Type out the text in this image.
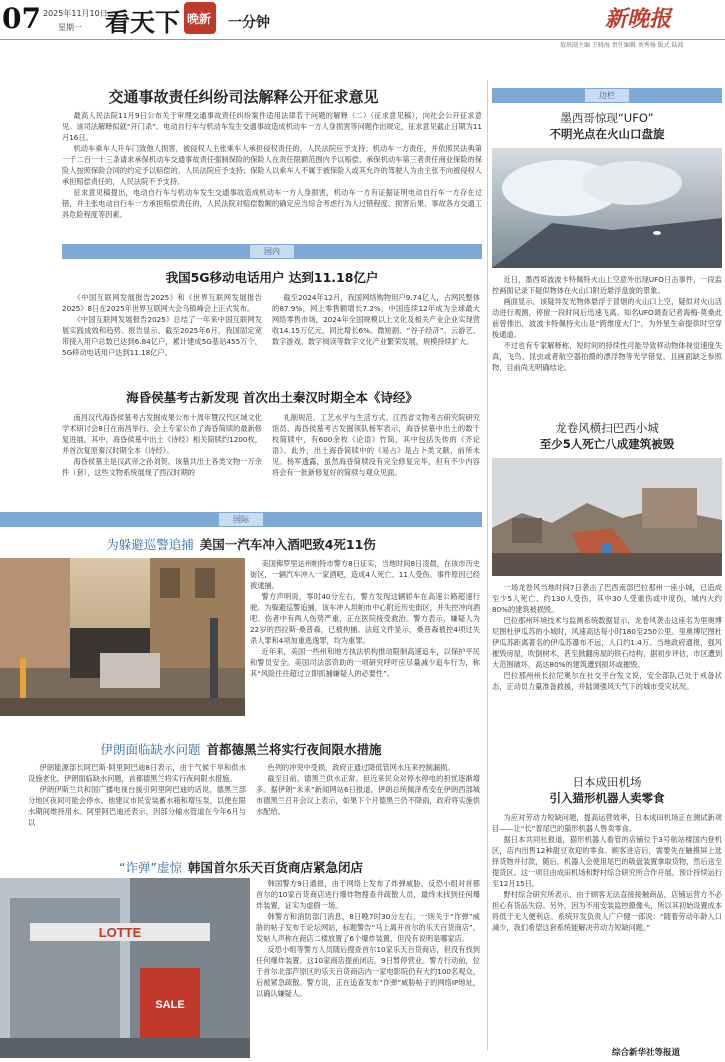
07 2025年11月10日
星期一 看天下 晚新 一分钟	新晚报
值班副主编 王晓海 责任编辑 刘秀扬 版式 陆波
交通事故责任纠纷司法解释公开征求意见

最高人民法院11月9日公布关于审理交通事故责任纠纷案件适用法律若干问题的解释（二）（征求意见稿），向社会公开征求意见。该司法解释拟就“开门杀”、电动自行车与机动车发生交通事故造成机动车一方人身损害等问题作出规定，征求意见截止日期为11月16日。

机动车乘车人开车门致他人损害，被侵权人主张乘车人承担侵权责任的，人民法院应予支持；机动车一方责任，并依照民法典第一千二百一十三条请求承保机动车交通事故责任强制保险的保险人在责任限额范围内予以赔偿、承保机动车第三者责任商业保险的保险人按照保险合同的约定予以赔偿的，人民法院应予支持；保险人以乘车人不属于被保险人或其允许的驾驶人为由主张不向被侵权人承担赔偿责任的，人民法院不予支持。

征求意见稿提出，电动自行车与机动车发生交通事故造成机动车一方人身损害，机动车一方有证据证明电动自行车一方存在过错，并主张电动自行车一方承担赔偿责任的，人民法院对赔偿数额的确定应当综合考虑行为人过错程度、损害后果、事故各方交通工具危险程度等因素。

国内
我国5G移动电话用户 达到11.18亿户

《中国互联网发展报告2025》和《世界互联网发展报告2025》8日在2025年世界互联网大会乌镇峰会上正式发布。

《中国互联网发展报告2025》总结了一年来中国互联网发展实践成效和趋势。报告显示，截至2025年6月，我国固定宽带接入用户总数已达到6.84亿户，累计建成5G基站455万个，5G移动电话用户达到11.18亿户。

截至2024年12月，我国网络购物用户9.74亿人，占网民整体的87.9%，网上零售额增长7.2%，中国连续12年成为全球最大网络零售市场，2024年全国规模以上文化及相关产业企业实现营收14.15万亿元，同比增长6%。微短剧、“谷子经济”、云游艺、数字游戏、数字阅读等数字文化产业繁荣发展，规模持续扩大。

海昏侯墓考古新发现 首次出土秦汉时期全本《诗经》

南昌汉代海昏侯墓考古发掘成果公布十周年暨汉代区域文化学术研讨会8日在南昌举行。会上专家公布了海昏简牍的最新修复进展，其中，海昏侯墓中出土《诗经》相关简牍约1200枚，并首次复原秦汉时期全本《诗经》。

海昏侯墓主是汉武帝之孙刘贺。该墓共出土各类文物一万余件（套），这些文物系统展现了西汉时期的

礼制规范、工艺水平与生活方式。江西省文物考古研究院研究馆员、海昏侯墓考古发掘领队杨军表示，海昏侯墓中出土的数千枚简牍中，有600余枚《论语》竹简，其中包括失传的《齐论语》。此外，出土海昏简牍中的《易占》是占卜类文献，前所未见。杨军透露，虽然海昏简牍没有完全修复完毕，但有不少内容将会有一批新修复好的简牍与观众见面。

国际
为躲避巡警追捕 美国一汽车冲入酒吧致4死11伤

美国佛罗里达州帕特市警方8日证实，当地时间8日凌晨，在该市历史街区，一辆汽车冲入一家酒吧，造成4人死亡、11人受伤。事件原因已经被逮捕。

警方声明说，零时40分左右，警方发现这辆轿车在高速公路超速行驶。为躲避巡警追捕，该车冲入坦帕市中心附近历史街区，并失控冲向酒吧。伤者中有两人伤势严重，正在医院接受救治。警方表示，嫌疑人为22岁的西拉斯·桑普森，已被拘捕。法庭文件显示，桑普森被控4项过失杀人罪和4项加重逃逸罪，均为重罪。

近年来，美国一些州和地方执法机构推动限制高速追车，以保护平民和警员安全。美国司法部资助的一项研究呼吁应尽量减少追车行为，称其“风险往往超过立即抓捕嫌疑人的必要性”。

伊朗面临缺水问题 首都德黑兰将实行夜间限水措施

伊朗能源部长阿巴斯·阿里阿巴迪8日表示，由于气候干旱和供水设施老化，伊朗面临缺水问题，首都德黑兰将实行夜间限水措施。

伊朗伊斯兰共和国广播电视台援引阿里阿巴迪的话说，德黑兰部分地区夜间可能会停水。他建议市民安装蓄水箱和增压泵，以便在限水期间维持用水。阿里阿巴迪还表示，因部分输水管道在今年6月与以

色列的冲突中受损，政府正通过降低管网水压来控制漏损。

截至目前，德黑兰供水正常。但近来民众对停水停电的担忧逐渐增多。据伊朗“未来”新闻网站6日报道，伊朗总统佩泽希安在伊朗西部城市德黑兰召开会议上表示，如果下个月德黑兰仍不降雨，政府将实施供水配给。

“诈弹”虚惊 韩国首尔乐天百货商店紧急闭店
LOTTE
SALE

韩国警方9日通报，由于网络上发布了炸弹威胁，反恐小组对首都首尔的10家百货商店进行爆炸物搜查并疏散人员，最终未找到任何爆炸装置，证实为虚假一场。

韩警方和消防部门消息，8日晚7时30分左右，一则关于“诈弹”威胁的帖子发布于论坛网站，标题警告“马上离开首尔的乐天百货商店”，发帖人声称在商店二楼放置了6个爆炸装置，但没有说明是哪家店。

反恐小组等警方人员随后搜查首尔10家乐天百货商店，但没有找到任何爆炸装置。这10家商店提前闭店，9日暂停营业。警方行动前，位于首尔北部芦原区的乐天百货商店内一家电影院仍有大约100名观众，后被紧急疏散。警方说，正在追查发布“诈弹”威胁帖子的网络IP地址，以确认嫌疑人。

边栏
墨西哥惊现“UFO”
不明光点在火山口盘旋

近日，墨西哥波波卡特佩特火山上空意外出现UFO日击事件，一段监控画面记录下疑似物体在火山口附近悬浮盘旋的景象。

画面显示，该疑异发光物体悬浮于冒烟的火山口上空，疑似对火山活动进行观测，停留一段时间后迅速飞离。知名UFO调查记者海梅·莫桑此前曾推出，波波卡特佩特火山是“跨维度大门”，为外星生命提供时空穿梭通道。

不过也有专家解释称，短时间的持续性可能导致移动物体视觉速度失真，飞鸟、昆虫或者航空器拍摄的漂浮物等光学错觉，且画面缺乏参照物，目前尚无明确结论。

龙卷风横扫巴西小城
至少5人死亡八成建筑被毁

一场龙卷风当地时间7日袭击了巴西南部巴拉那州一座小城，已造成至少5人死亡、约130人受伤，其中30人受重伤或中度伤，城内大约80%的建筑被损毁。

巴拉那州环境技术与监测系统数据显示，龙卷风袭击这座名为里奥博尼图杜伊瓜苏的小城时，风速高达每小时180至250公里。里奥博尼图杜伊瓜苏距离著名的伊瓜苏瀑布不远，人口约1.4万。当地政府通报，强风摧毁房屋，吹倒树木，甚至掀翻房屋的铁石结构，据初步评估，市区遭到大范围破坏，高达80%的建筑遭到损坏或摧毁。

巴拉那州州长拉尼奥尔在社交平台发文说，安全部队已处于戒备状态，正动员力量准备救援，并陆调强风天气下的城市受灾状况。

日本成田机场
引入猫形机器人卖零食

为应对劳动力短缺问题，提高运营效率，日本成田机场正在测试新项目——让“长”着尾巴的猫形机器人售卖零食。

据日本共同社报道，猫形机器人看管的店铺位于3号航站楼国内登机区，店内出售12种甜豆欢迎的零食。顾客进店后，需要先在触摸屏上选择货物并付款，随后，机器人会使用尾巴的吸盘装置拿取货物，然后送至提货区。这一项目由成田机场和野村综合研究所合作开展，预计持续运行至12月15日。

野村综合研究所表示，由于顾客无法直接接触商品，店铺运营方不必担心有货品失窃。另外，因为不用安装监控摄像头，所以其初始设置成本将低于无人便利店。系统开发负责人广户健一郎说：“随着劳动年龄人口减少，我们希望这套系统能解决劳动力短缺问题。”

综合新华社等报道
